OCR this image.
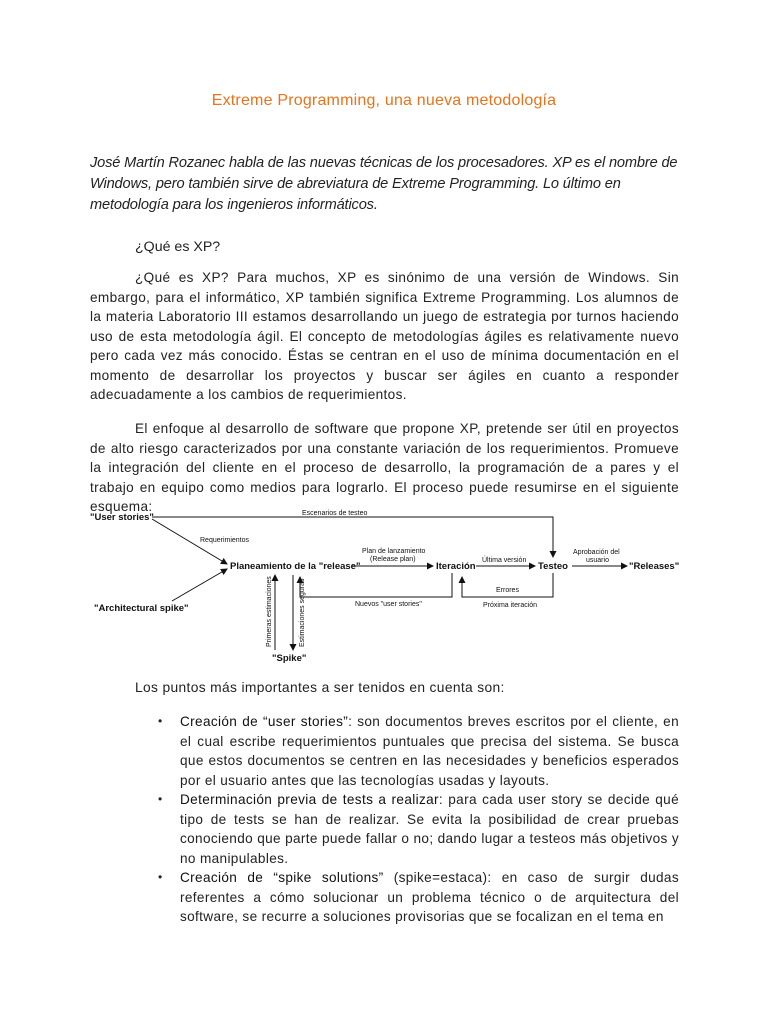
Extreme Programming, una nueva metodología

José Martín Rozanec habla de las nuevas técnicas de los procesadores. XP es el nombre de Windows, pero también sirve de abreviatura de Extreme Programming. Lo último en metodología para los ingenieros informáticos.

¿Qué es XP?

¿Qué es XP? Para muchos, XP es sinónimo de una versión de Windows. Sin embargo, para el informático, XP también significa Extreme Programming. Los alumnos de la materia Laboratorio III estamos desarrollando un juego de estrategia por turnos haciendo uso de esta metodología ágil. El concepto de metodologías ágiles es relativamente nuevo pero cada vez más conocido. Éstas se centran en el uso de mínima documentación en el momento de desarrollar los proyectos y buscar ser ágiles en cuanto a responder adecuadamente a los cambios de requerimientos.

El enfoque al desarrollo de software que propone XP, pretende ser útil en proyectos de alto riesgo caracterizados por una constante variación de los requerimientos. Promueve la integración del cliente en el proceso de desarrollo, la programación de a pares y el trabajo en equipo como medios para lograrlo. El proceso puede resumirse en el siguiente esquema:

"User stories"
"Architectural spike"
Requerimientos
Escenarios de testeo
Planeamiento de la "release"
Plan de lanzamiento
(Release plan)
Iteración
Última versión
Testeo
Aprobación del
usuario
"Releases"
Nuevos "user stories"
Errores
Próxima iteración
Primeras estimaciones	Estimaciones seguras
"Spike"

Los puntos más importantes a ser tenidos en cuenta son:

• Creación de “user stories”: son documentos breves escritos por el cliente, en el cual escribe requerimientos puntuales que precisa del sistema. Se busca que estos documentos se centren en las necesidades y beneficios esperados por el usuario antes que las tecnologías usadas y layouts.
• Determinación previa de tests a realizar: para cada user story se decide qué tipo de tests se han de realizar. Se evita la posibilidad de crear pruebas conociendo que parte puede fallar o no; dando lugar a testeos más objetivos y no manipulables.
• Creación de “spike solutions” (spike=estaca): en caso de surgir dudas referentes a cómo solucionar un problema técnico o de arquitectura del software, se recurre a soluciones provisorias que se focalizan en el tema en
